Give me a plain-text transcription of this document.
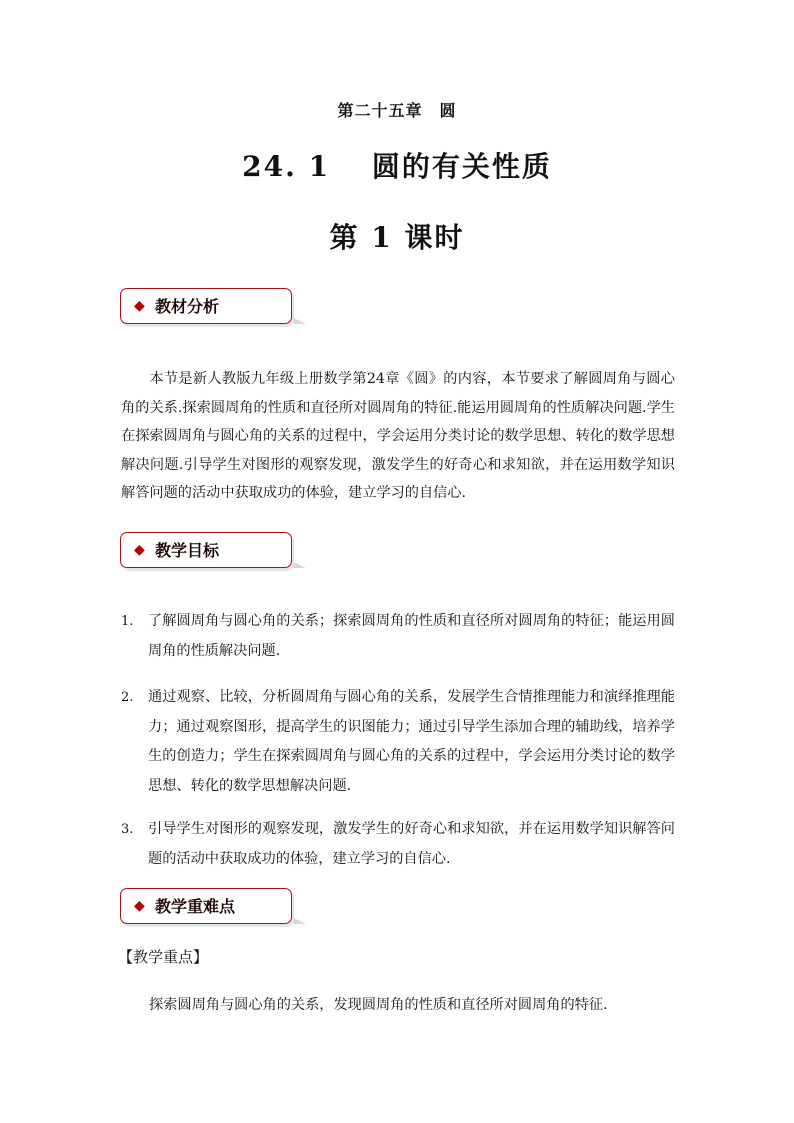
第二十五章　圆
24. 1　 圆的有关性质
第 1 课时
◆ 教材分析
本节是新人教版九年级上册数学第24章《圆》的内容，本节要求了解圆周角与圆心角的关系.探索圆周角的性质和直径所对圆周角的特征.能运用圆周角的性质解决问题.学生在探索圆周角与圆心角的关系的过程中，学会运用分类讨论的数学思想、转化的数学思想解决问题.引导学生对图形的观察发现，激发学生的好奇心和求知欲，并在运用数学知识解答问题的活动中获取成功的体验，建立学习的自信心.
◆ 教学目标
1. 了解圆周角与圆心角的关系；探索圆周角的性质和直径所对圆周角的特征；能运用圆周角的性质解决问题.
2. 通过观察、比较，分析圆周角与圆心角的关系，发展学生合情推理能力和演绎推理能力；通过观察图形，提高学生的识图能力；通过引导学生添加合理的辅助线，培养学生的创造力；学生在探索圆周角与圆心角的关系的过程中，学会运用分类讨论的数学思想、转化的数学思想解决问题.
3. 引导学生对图形的观察发现，激发学生的好奇心和求知欲，并在运用数学知识解答问题的活动中获取成功的体验，建立学习的自信心.
◆ 教学重难点
【教学重点】
探索圆周角与圆心角的关系，发现圆周角的性质和直径所对圆周角的特征.
